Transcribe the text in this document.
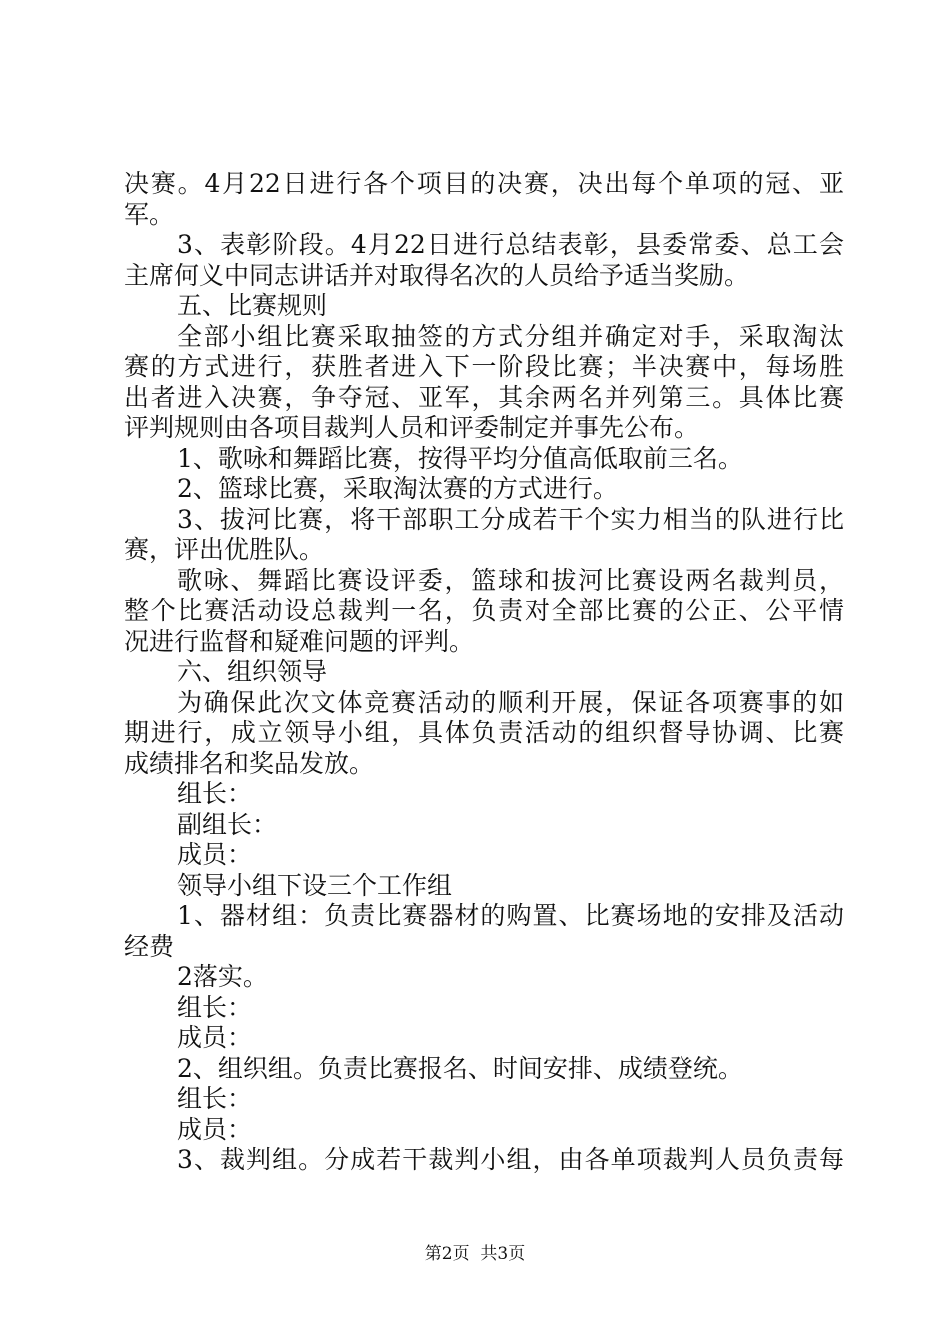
决赛。4月22日进行各个项目的决赛，决出每个单项的冠、亚
军。
3、表彰阶段。4月22日进行总结表彰，县委常委、总工会
主席何义中同志讲话并对取得名次的人员给予适当奖励。
五、比赛规则
全部小组比赛采取抽签的方式分组并确定对手，采取淘汰
赛的方式进行，获胜者进入下一阶段比赛；半决赛中，每场胜
出者进入决赛，争夺冠、亚军，其余两名并列第三。具体比赛
评判规则由各项目裁判人员和评委制定并事先公布。
1、歌咏和舞蹈比赛，按得平均分值高低取前三名。
2、篮球比赛，采取淘汰赛的方式进行。
3、拔河比赛，将干部职工分成若干个实力相当的队进行比
赛，评出优胜队。
歌咏、舞蹈比赛设评委，篮球和拔河比赛设两名裁判员，
整个比赛活动设总裁判一名，负责对全部比赛的公正、公平情
况进行监督和疑难问题的评判。
六、组织领导
为确保此次文体竞赛活动的顺利开展，保证各项赛事的如
期进行，成立领导小组，具体负责活动的组织督导协调、比赛
成绩排名和奖品发放。
组长：
副组长：
成员：
领导小组下设三个工作组
1、器材组：负责比赛器材的购置、比赛场地的安排及活动
经费
2落实。
组长：
成员：
2、组织组。负责比赛报名、时间安排、成绩登统。
组长：
成员：
3、裁判组。分成若干裁判小组，由各单项裁判人员负责每
第2页  共3页
